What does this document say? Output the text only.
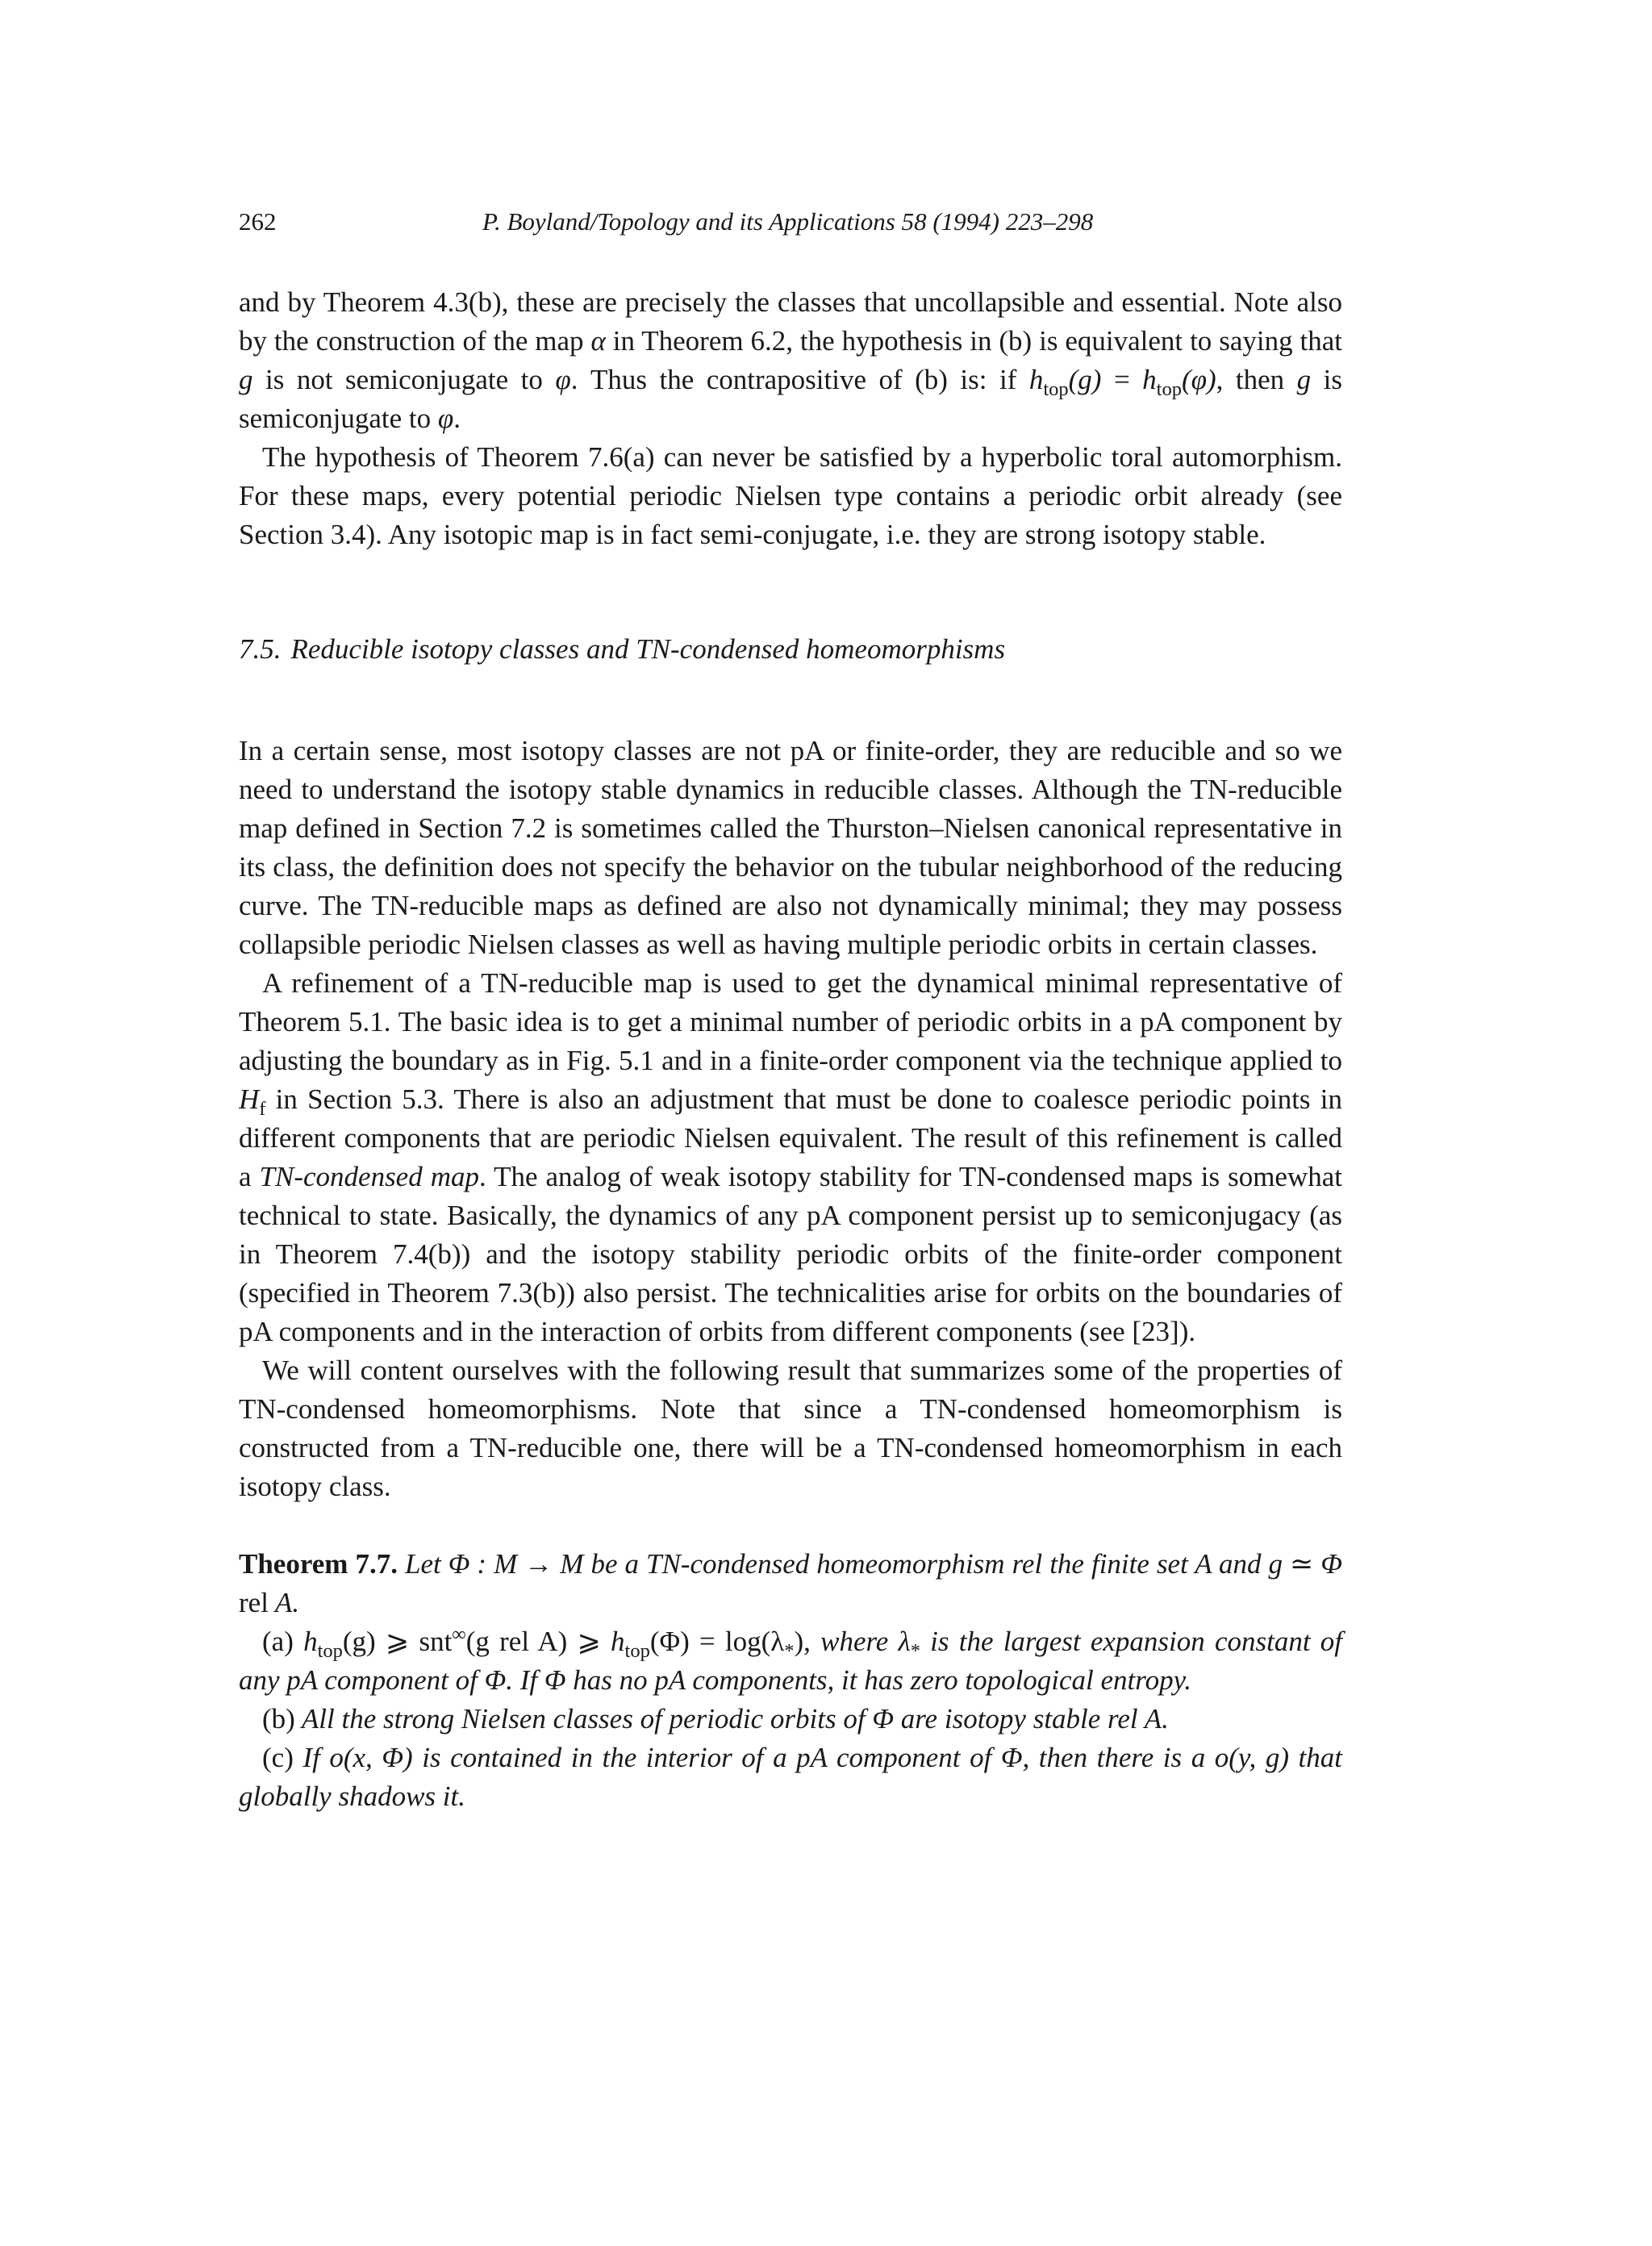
262	P. Boyland/Topology and its Applications 58 (1994) 223–298

and by Theorem 4.3(b), these are precisely the classes that uncollapsible and essential. Note also by the construction of the map α in Theorem 6.2, the hypothesis in (b) is equivalent to saying that g is not semiconjugate to φ. Thus the contrapositive of (b) is: if $h_{top}(g) = h_{top}(\varphi)$, then g is semiconjugate to φ.

The hypothesis of Theorem 7.6(a) can never be satisfied by a hyperbolic toral automorphism. For these maps, every potential periodic Nielsen type contains a periodic orbit already (see Section 3.4). Any isotopic map is in fact semi-conjugate, i.e. they are strong isotopy stable.

7.5. Reducible isotopy classes and TN-condensed homeomorphisms

In a certain sense, most isotopy classes are not pA or finite-order, they are reducible and so we need to understand the isotopy stable dynamics in reducible classes. Although the TN-reducible map defined in Section 7.2 is sometimes called the Thurston–Nielsen canonical representative in its class, the definition does not specify the behavior on the tubular neighborhood of the reducing curve. The TN-reducible maps as defined are also not dynamically minimal; they may possess collapsible periodic Nielsen classes as well as having multiple periodic orbits in certain classes.

A refinement of a TN-reducible map is used to get the dynamical minimal representative of Theorem 5.1. The basic idea is to get a minimal number of periodic orbits in a pA component by adjusting the boundary as in Fig. 5.1 and in a finite-order component via the technique applied to $H_f$ in Section 5.3. There is also an adjustment that must be done to coalesce periodic points in different components that are periodic Nielsen equivalent. The result of this refinement is called a TN-condensed map. The analog of weak isotopy stability for TN-condensed maps is somewhat technical to state. Basically, the dynamics of any pA component persist up to semiconjugacy (as in Theorem 7.4(b)) and the isotopy stability periodic orbits of the finite-order component (specified in Theorem 7.3(b)) also persist. The technicalities arise for orbits on the boundaries of pA components and in the interaction of orbits from different components (see [23]).

We will content ourselves with the following result that summarizes some of the properties of TN-condensed homeomorphisms. Note that since a TN-condensed homeomorphism is constructed from a TN-reducible one, there will be a TN-condensed homeomorphism in each isotopy class.

Theorem 7.7. Let Φ : M → M be a TN-condensed homeomorphism rel the finite set A and g ≃ Φ rel A.

(a) $h_{top}(g)$ ⩾ snt∞(g rel A) ⩾ $h_{top}(\Phi) = \log(\lambda_*)$, where $\lambda_*$ is the largest expansion constant of any pA component of Φ. If Φ has no pA components, it has zero topological entropy.

(b) All the strong Nielsen classes of periodic orbits of Φ are isotopy stable rel A.

(c) If o(x, Φ) is contained in the interior of a pA component of Φ, then there is a o(y, g) that globally shadows it.
